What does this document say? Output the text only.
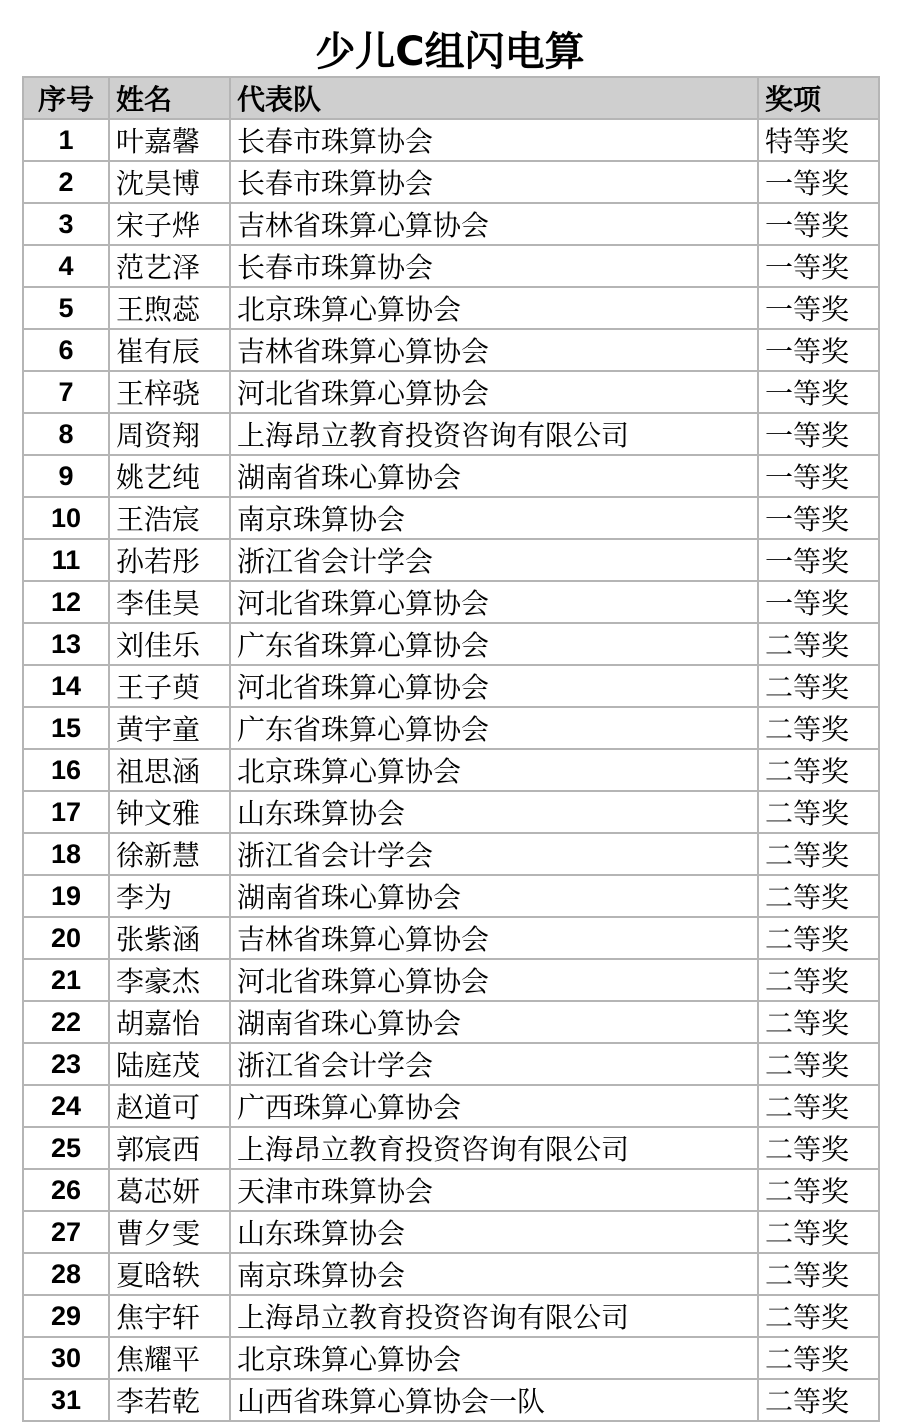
少儿C组闪电算
序号	姓名	代表队	奖项
1	叶嘉馨	长春市珠算协会	特等奖
2	沈昊博	长春市珠算协会	一等奖
3	宋子烨	吉林省珠算心算协会	一等奖
4	范艺泽	长春市珠算协会	一等奖
5	王煦蕊	北京珠算心算协会	一等奖
6	崔有辰	吉林省珠算心算协会	一等奖
7	王梓骁	河北省珠算心算协会	一等奖
8	周资翔	上海昂立教育投资咨询有限公司	一等奖
9	姚艺纯	湖南省珠心算协会	一等奖
10	王浩宸	南京珠算协会	一等奖
11	孙若彤	浙江省会计学会	一等奖
12	李佳昊	河北省珠算心算协会	一等奖
13	刘佳乐	广东省珠算心算协会	二等奖
14	王子萸	河北省珠算心算协会	二等奖
15	黄宇童	广东省珠算心算协会	二等奖
16	祖思涵	北京珠算心算协会	二等奖
17	钟文雅	山东珠算协会	二等奖
18	徐新慧	浙江省会计学会	二等奖
19	李为	湖南省珠心算协会	二等奖
20	张紫涵	吉林省珠算心算协会	二等奖
21	李豪杰	河北省珠算心算协会	二等奖
22	胡嘉怡	湖南省珠心算协会	二等奖
23	陆庭茂	浙江省会计学会	二等奖
24	赵道可	广西珠算心算协会	二等奖
25	郭宸西	上海昂立教育投资咨询有限公司	二等奖
26	葛芯妍	天津市珠算协会	二等奖
27	曹夕雯	山东珠算协会	二等奖
28	夏晗轶	南京珠算协会	二等奖
29	焦宇轩	上海昂立教育投资咨询有限公司	二等奖
30	焦耀平	北京珠算心算协会	二等奖
31	李若乾	山西省珠算心算协会一队	二等奖
